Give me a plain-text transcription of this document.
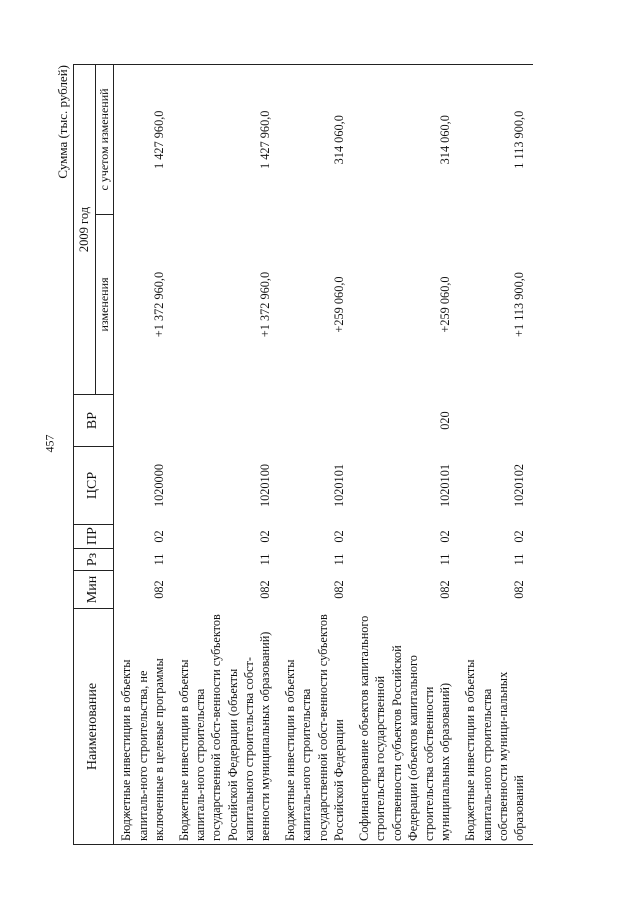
457
Сумма (тыс. рублей)
Наименование	Мин	Рз	ПР	ЦСР	ВР	2009 год	
						изменения	с учетом изменений
Бюджетные инвестиции в объекты капиталь-ного строительства, не включенные в целевые программы	082	11	02	1020000		+1 372 960,0	1 427 960,0
Бюджетные инвестиции в объекты капиталь-ного строительства государственной собст-венности субъектов Российской Федерации (объекты капитального строительства собст-венности муниципальных образований)	082	11	02	1020100		+1 372 960,0	1 427 960,0
Бюджетные инвестиции в объекты капиталь-ного строительства государственной собст-венности субъектов Российской Федерации	082	11	02	1020101		+259 060,0	314 060,0
Софинансирование объектов капитального строительства государственной собственности субъектов Российской Федерации (объектов капитального строительства собственности муниципальных образований)	082	11	02	1020101	020	+259 060,0	314 060,0
Бюджетные инвестиции в объекты капиталь-ного строительства собственности муници-пальных образований	082	11	02	1020102		+1 113 900,0	1 113 900,0
